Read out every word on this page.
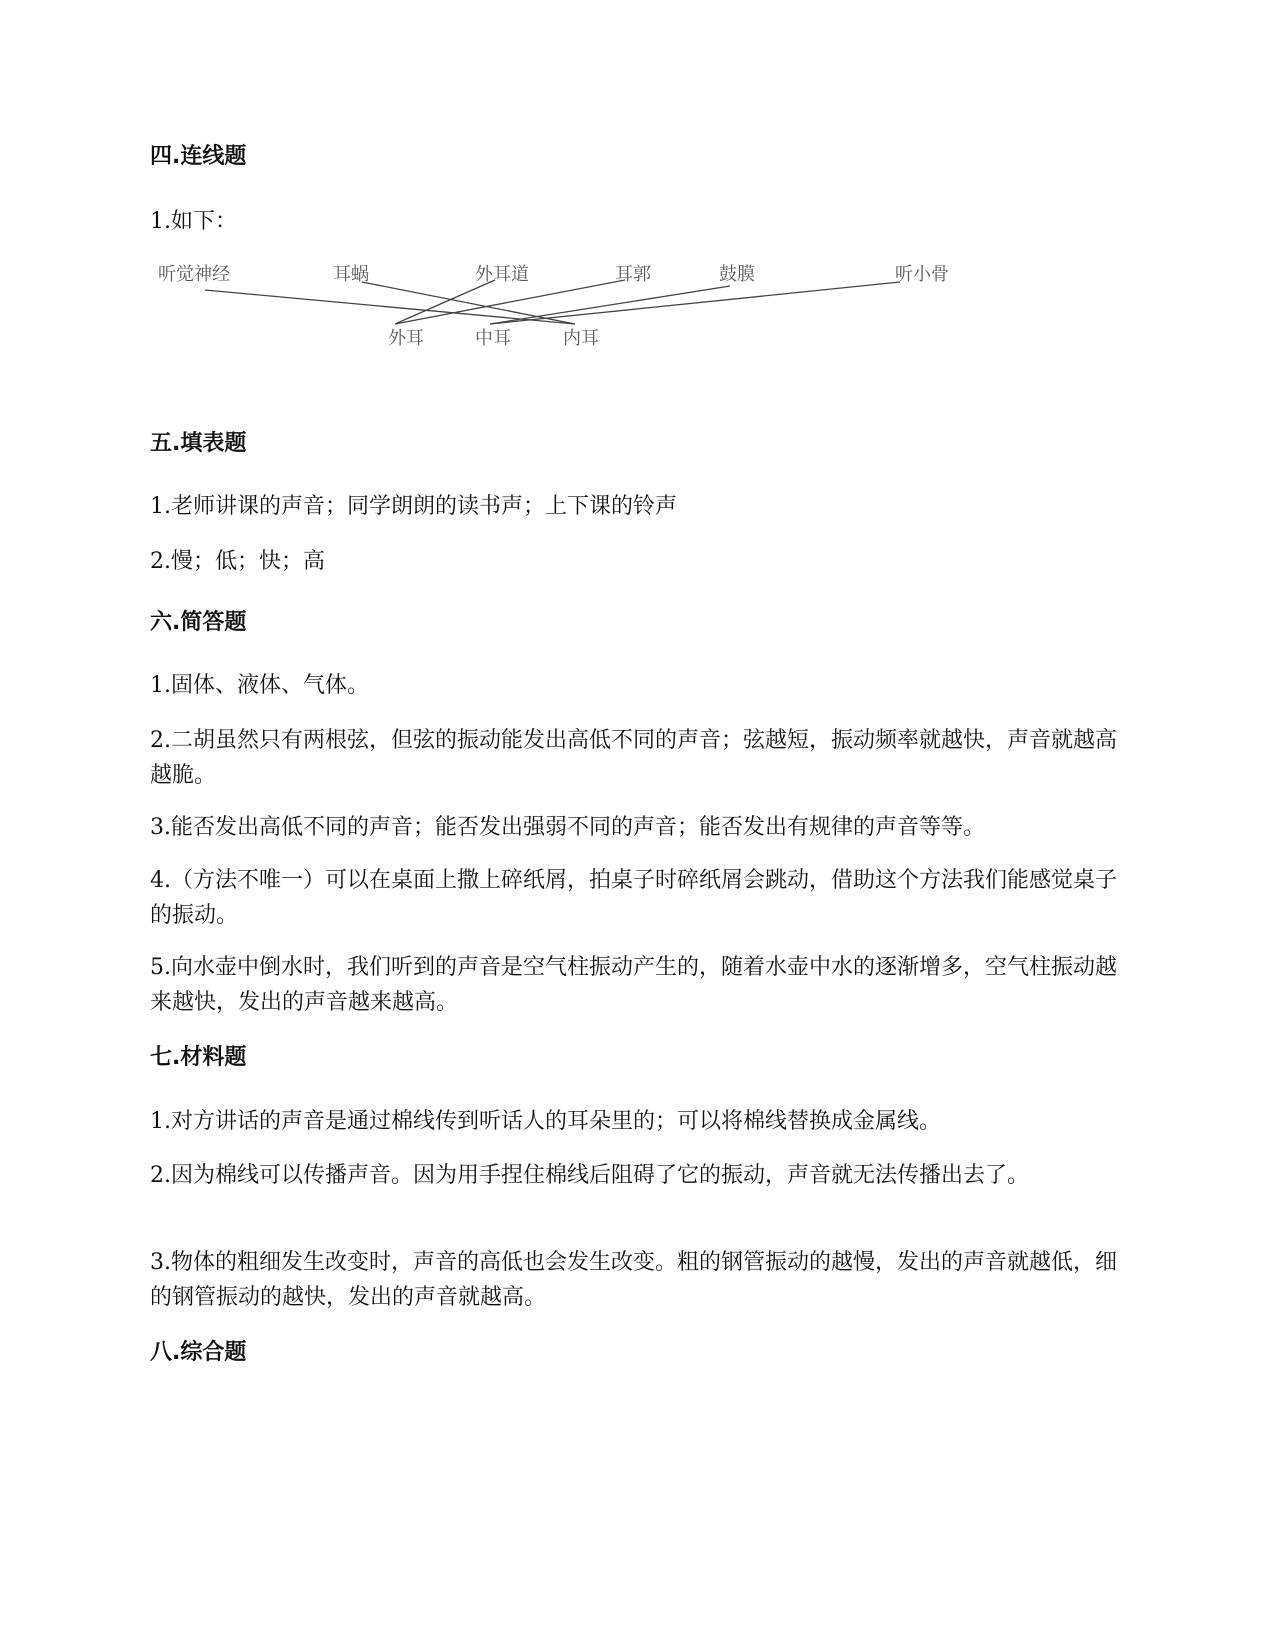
四.连线题
1.如下：
听觉神经	耳蜗	外耳道	耳郭	鼓膜	听小骨
外耳	中耳	内耳
五.填表题
1.老师讲课的声音；同学朗朗的读书声；上下课的铃声
2.慢；低；快；高
六.简答题
1.固体、液体、气体。
2.二胡虽然只有两根弦，但弦的振动能发出高低不同的声音；弦越短，振动频率就越快，声音就越高越脆。
3.能否发出高低不同的声音；能否发出强弱不同的声音；能否发出有规律的声音等等。
4.（方法不唯一）可以在桌面上撒上碎纸屑，拍桌子时碎纸屑会跳动，借助这个方法我们能感觉桌子的振动。
5.向水壶中倒水时，我们听到的声音是空气柱振动产生的，随着水壶中水的逐渐增多，空气柱振动越来越快，发出的声音越来越高。
七.材料题
1.对方讲话的声音是通过棉线传到听话人的耳朵里的；可以将棉线替换成金属线。
2.因为棉线可以传播声音。因为用手捏住棉线后阻碍了它的振动，声音就无法传播出去了。
3.物体的粗细发生改变时，声音的高低也会发生改变。粗的钢管振动的越慢，发出的声音就越低，细的钢管振动的越快，发出的声音就越高。
八.综合题
